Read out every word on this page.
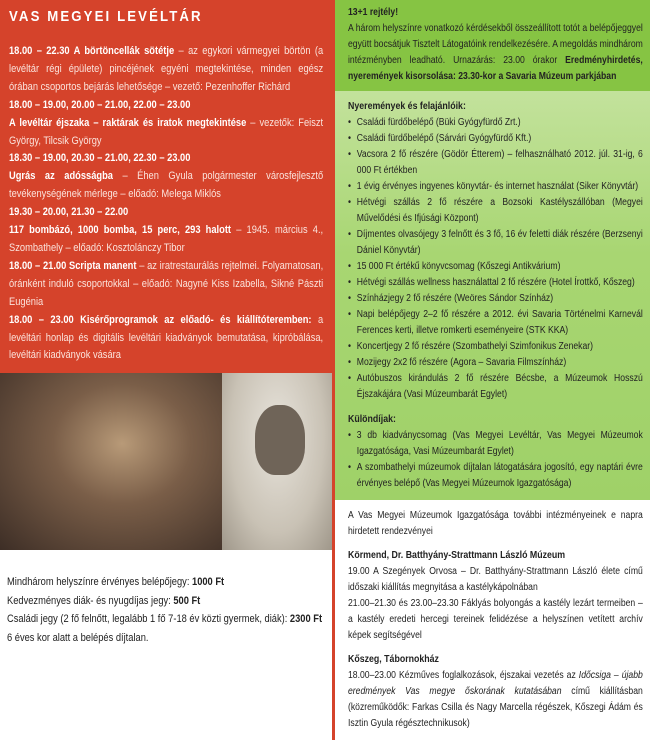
VAS MEGYEI LEVÉLTÁR

18.00 – 22.30 A börtöncellák sötétje – az egykori vármegyei börtön (a levéltár régi épülete) pincéjének egyéni megtekintése, minden egész órában csoportos bejárás lehetősége – vezető: Pezenhoffer Richárd

18.00 – 19.00, 20.00 – 21.00, 22.00 – 23.00

A levéltár éjszaka – raktárak és iratok megtekintése – vezetők: Feiszt György, Tilcsik György

18.30 – 19.00, 20.30 – 21.00, 22.30 – 23.00

Ugrás az adósságba – Éhen Gyula polgármester városfejlesztő tevékenységének mérlege – előadó: Melega Miklós

19.30 – 20.00, 21.30 – 22.00

117 bombázó, 1000 bomba, 15 perc, 293 halott – 1945. március 4., Szombathely – előadó: Kosztolánczy Tibor

18.00 – 21.00 Scripta manent – az iratrestaurálás rejtelmei. Folyamatosan, óránként induló csoportokkal – előadó: Nagyné Kiss Izabella, Sikné Pászti Eugénia

18.00 – 23.00 Kisérőprogramok az előadó- és kiállítóteremben: a levéltári honlap és digitális levéltári kiadványok bemutatása, kipróbálása, levéltári kiadványok vására

Mindhárom helyszínre érvényes belépőjegy: 1000 Ft

Kedvezményes diák- és nyugdíjas jegy: 500 Ft

Családi jegy (2 fő felnőtt, legalább 1 fő 7-18 év közti gyermek, diák): 2300 Ft

6 éves kor alatt a belépés díjtalan.

13+1 rejtély!
A három helyszínre vonatkozó kérdésekből összeállított totót a belépőjeggyel együtt bocsátjuk Tisztelt Látogatóink rendelkezésére. A megoldás mindhárom intézményben leadható. Urnazárás: 23.00 órakor Eredményhirdetés, nyeremények kisorsolása: 23.30-kor a Savaria Múzeum parkjában
Nyeremények és felajánlóik:
• Családi fürdőbelépő (Büki Gyógyfürdő Zrt.)
• Családi fürdőbelépő (Sárvári Gyógyfürdő Kft.)
• Vacsora 2 fő részére (Gödör Étterem) – felhasználható 2012. júl. 31-ig, 6 000 Ft értékben
• 1 évig érvényes ingyenes könyvtár- és internet használat (Siker Könyvtár)
• Hétvégi szállás 2 fő részére a Bozsoki Kastélyszállóban (Megyei Művelődési és Ifjúsági Központ)
• Díjmentes olvasójegy 3 felnőtt és 3 fő, 16 év feletti diák részére (Berzsenyi Dániel Könyvtár)
• 15 000 Ft értékű könyvcsomag (Kőszegi Antikvárium)
• Hétvégi szállás wellness használattal 2 fő részére (Hotel Írottkő, Kőszeg)
• Színházjegy 2 fő részére (Weöres Sándor Színház)
• Napi belépőjegy 2–2 fő részére a 2012. évi Savaria Történelmi Karnevál Ferences kerti, illetve romkerti eseményeire (STK KKA)
• Koncertjegy 2 fő részére (Szombathelyi Szimfonikus Zenekar)
• Mozijegy 2x2 fő részére (Agora – Savaria Filmszínház)
• Autóbuszos kirándulás 2 fő részére Bécsbe, a Múzeumok Hosszú Éjszakájára (Vasi Múzeumbarát Egylet)
Különdíjak:
• 3 db kiadványcsomag (Vas Megyei Levéltár, Vas Megyei Múzeumok Igazgatósága, Vasi Múzeumbarát Egylet)
• A szombathelyi múzeumok díjtalan látogatására jogosító, egy naptári évre érvényes belépő (Vas Megyei Múzeumok Igazgatósága)

A Vas Megyei Múzeumok Igazgatósága további intézményeinek e napra hirdetett rendezvényei

Körmend, Dr. Batthyány-Strattmann László Múzeum

19.00 A Szegények Orvosa – Dr. Batthyány-Strattmann László élete című időszaki kiállítás megnyitása a kastélykápolnában

21.00–21.30 és 23.00–23.30 Fáklyás bolyongás a kastély lezárt termeiben – a kastély eredeti hercegi tereinek felidézése a helyszínen vetített archív képek segítségével

Kőszeg, Tábornokház

18.00–23.00 Kézműves foglalkozások, éjszakai vezetés az Időcsiga – újabb eredmények Vas megye őskorának kutatásában című kiállításban (közreműködők: Farkas Csilla és Nagy Marcella régészek, Kőszegi Ádám és Isztin Gyula régésztechnikusok)
